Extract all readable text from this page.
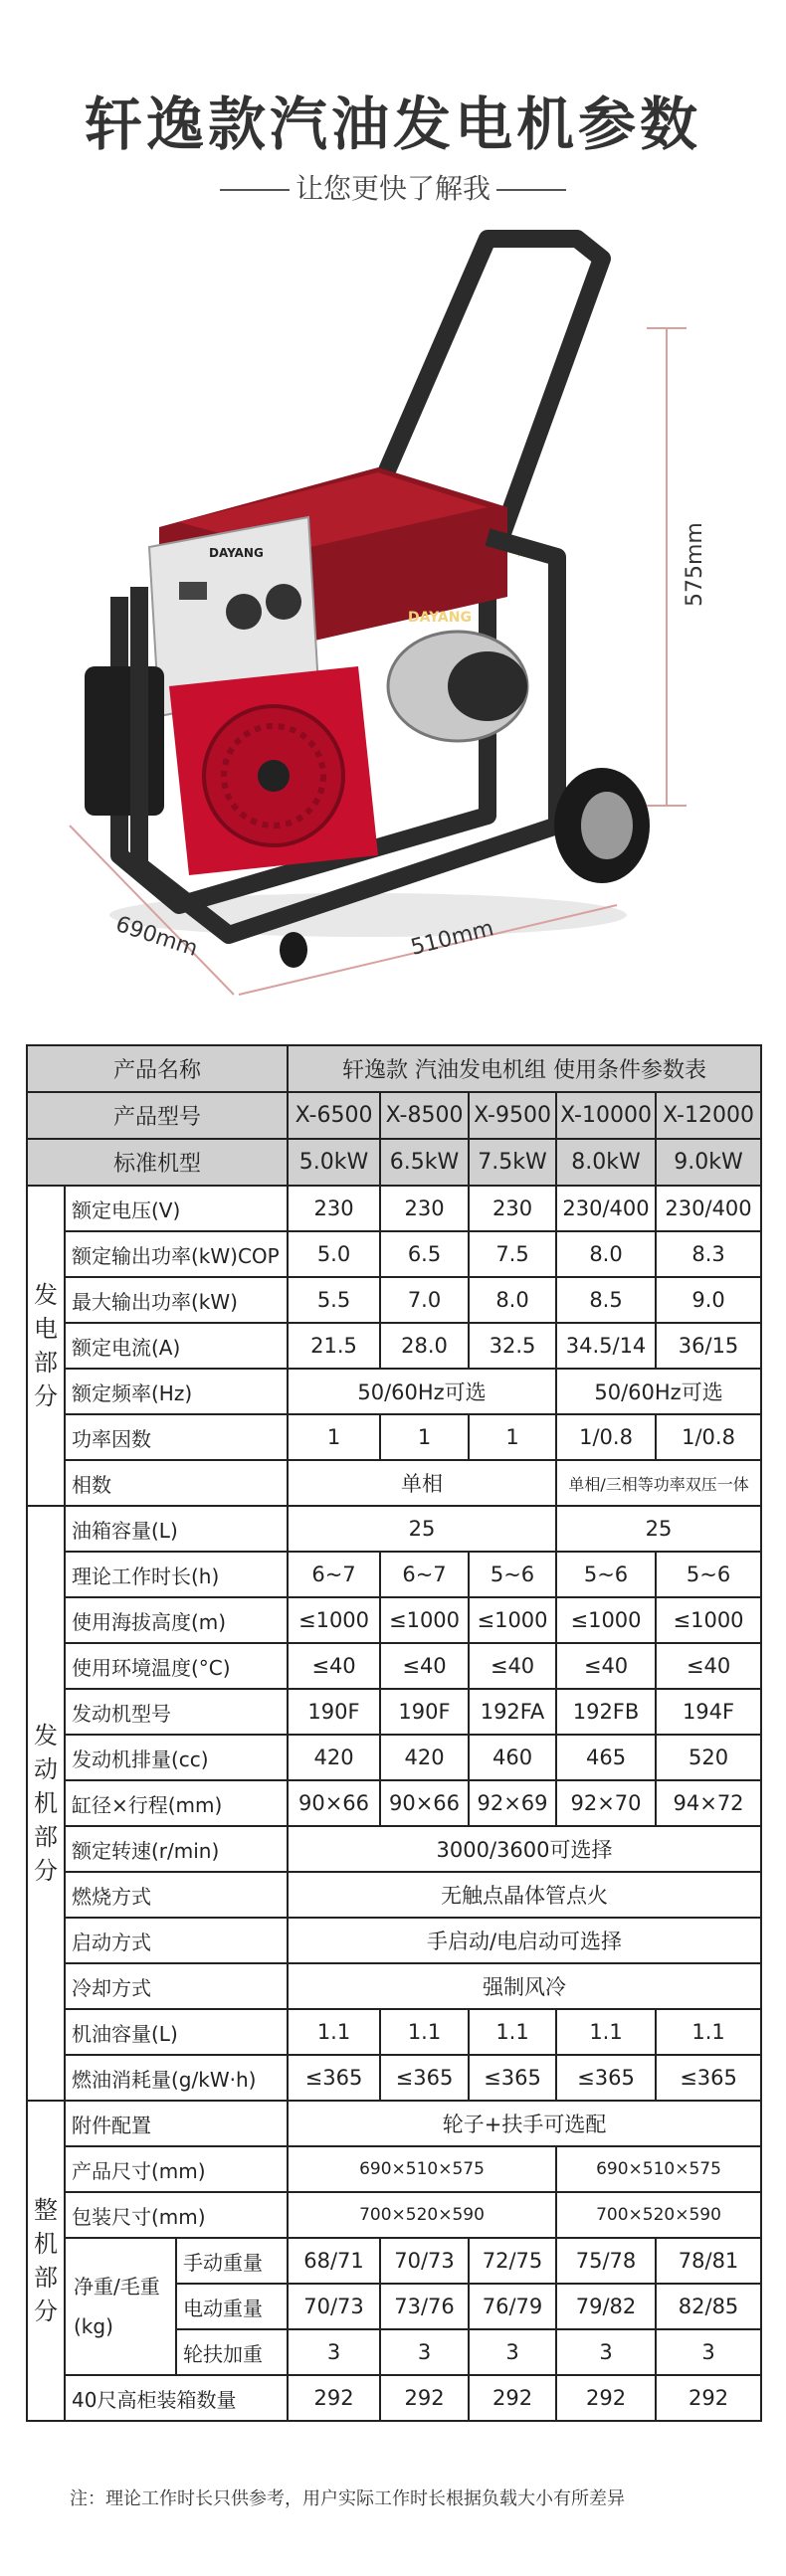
轩逸款汽油发电机参数
让您更快了解我
DAYANG
DAYANG
X-10000	575mm
690mm	510mm
产品名称			轩逸款 汽油发电机组 使用条件参数表				
产品型号			X-6500	X-8500	X-9500	X-10000	X-12000
标准机型			5.0kW	6.5kW	7.5kW	8.0kW	9.0kW
发电部分	额定电压(V)		230	230	230	230/400	230/400
	额定输出功率(kW)COP		5.0	6.5	7.5	8.0	8.3
	最大输出功率(kW)		5.5	7.0	8.0	8.5	9.0
	额定电流(A)		21.5	28.0	32.5	34.5/14	36/15
	额定频率(Hz)		50/60Hz可选			50/60Hz可选	
	功率因数		1	1	1	1/0.8	1/0.8
	相数		单相			单相/三相等功率双压一体	
发动机部分	油箱容量(L)		25			25	
	理论工作时长(h)		6~7	6~7	5~6	5~6	5~6
	使用海拔高度(m)		≤1000	≤1000	≤1000	≤1000	≤1000
	使用环境温度(°C)		≤40	≤40	≤40	≤40	≤40
	发动机型号		190F	190F	192FA	192FB	194F
	发动机排量(cc)		420	420	460	465	520
	缸径×行程(mm)		90×66	90×66	92×69	92×70	94×72
	额定转速(r/min)		3000/3600可选择				
	燃烧方式		无触点晶体管点火				
	启动方式		手启动/电启动可选择				
	冷却方式		强制风冷				
	机油容量(L)		1.1	1.1	1.1	1.1	1.1
	燃油消耗量(g/kW·h)		≤365	≤365	≤365	≤365	≤365
整机部分	附件配置		轮子+扶手可选配				
	产品尺寸(mm)		690×510×575			690×510×575	
	包装尺寸(mm)		700×520×590			700×520×590	
	净重/毛重(kg)	手动重量	68/71	70/73	72/75	75/78	78/81
		电动重量	70/73	73/76	76/79	79/82	82/85
		轮扶加重	3	3	3	3	3
	40尺高柜装箱数量		292	292	292	292	292
注：理论工作时长只供参考，用户实际工作时长根据负载大小有所差异
